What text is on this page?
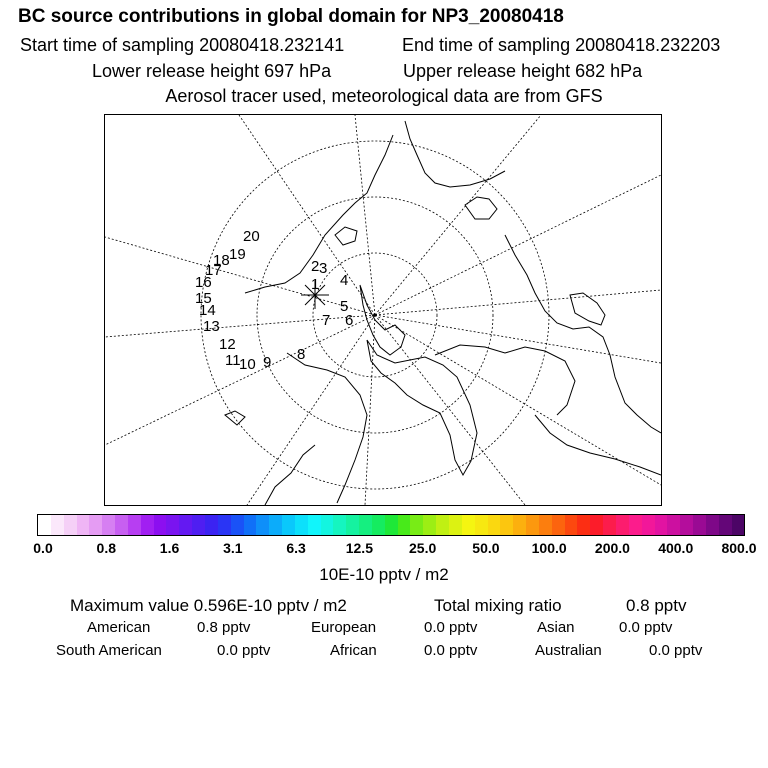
BC source contributions in global domain for NP3_20080418
Start time of sampling 20080418.232141	End time of sampling 20080418.232203
Lower release height 697 hPa	Upper release height 682 hPa
Aerosol tracer used, meteorological data are from GFS
1
2 3
4
5
6
7
8
9
10
11
12
13
14
15
16
17
18 19
20
0.0	0.8	1.6	3.1	6.3	12.5	25.0	50.0 100.0 200.0 400.0 800.0
10E-10 pptv / m2
Maximum value 0.596E-10 pptv / m2	Total mixing ratio	0.8 pptv
American	0.8 pptv	European	0.0 pptv	Asian	0.0 pptv
South American	0.0 pptv	African	0.0 pptv	Australian	0.0 pptv
